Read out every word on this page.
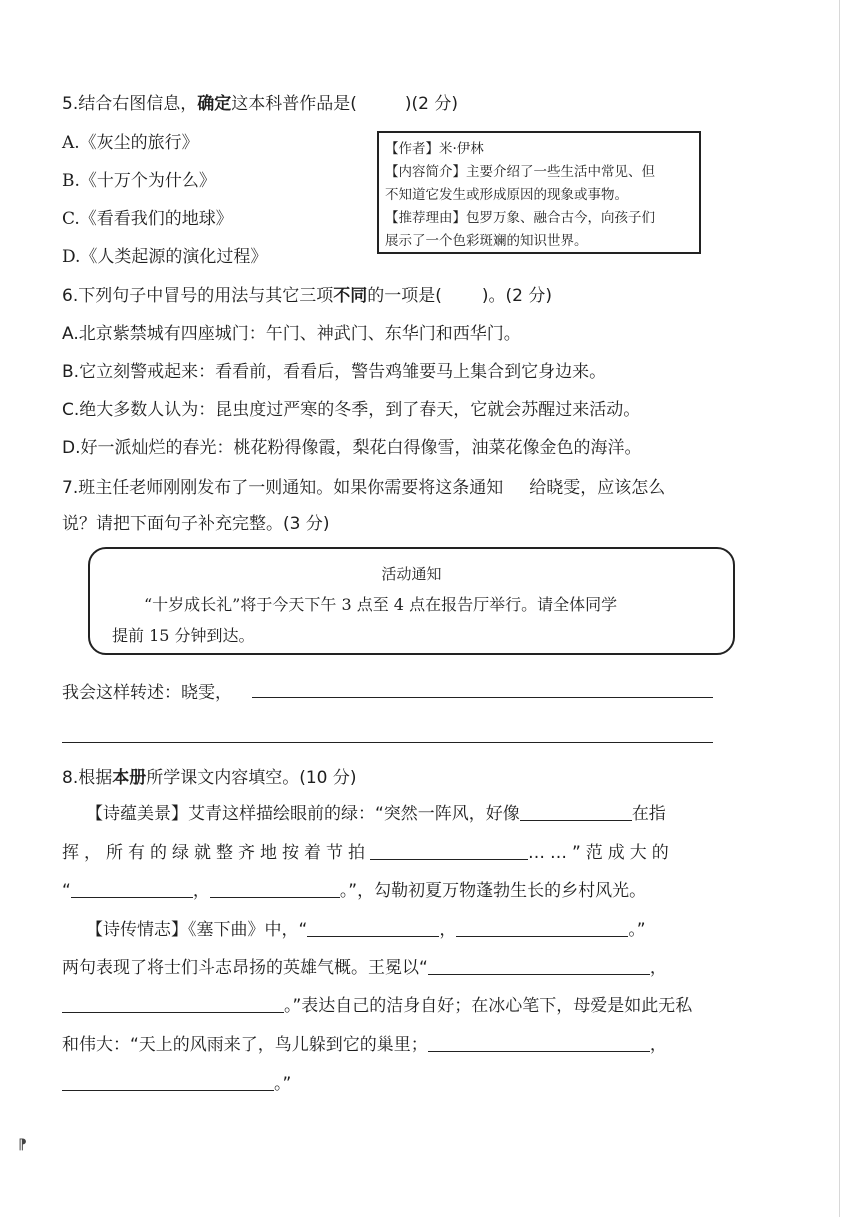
5.结合右图信息，确定这本科普作品是(	)(2 分)
A.《灰尘的旅行》
B.《十万个为什么》
C.《看看我们的地球》
D.《人类起源的演化过程》
【作者】米·伊林
【内容简介】主要介绍了一些生活中常见、但
不知道它发生或形成原因的现象或事物。
【推荐理由】包罗万象、融合古今，向孩子们
展示了一个色彩斑斓的知识世界。
6.下列句子中冒号的用法与其它三项不同的一项是( )。(2 分)
A.北京紫禁城有四座城门：午门、神武门、东华门和西华门。
B.它立刻警戒起来：看看前，看看后，警告鸡雏要马上集合到它身边来。
C.绝大多数人认为：昆虫度过严寒的冬季，到了春天，它就会苏醒过来活动。
D.好一派灿烂的春光：桃花粉得像霞，梨花白得像雪，油菜花像金色的海洋。
7.班主任老师刚刚发布了一则通知。如果你需要将这条通知 给晓雯，应该怎么
说？请把下面句子补充完整。(3 分)
活动通知
“十岁成长礼”将于今天下午 3 点至 4 点在报告厅举行。请全体同学
提前 15 分钟到达。
我会这样转述：晓雯，
8.根据本册所学课文内容填空。(10 分)
【诗蕴美景】艾青这样描绘眼前的绿：“突然一阵风，好像	在指
挥，所有的绿就整齐地按着节拍	……”范成大的
“	，	。”，勾勒初夏万物蓬勃生长的乡村风光。
【诗传情志】《塞下曲》中，“	，	。”
两句表现了将士们斗志昂扬的英雄气概。王冕以“	，
。”表达自己的洁身自好；在冰心笔下，母爱是如此无私
和伟大：“天上的风雨来了，鸟儿躲到它的巢里；	，
。”
⁋
